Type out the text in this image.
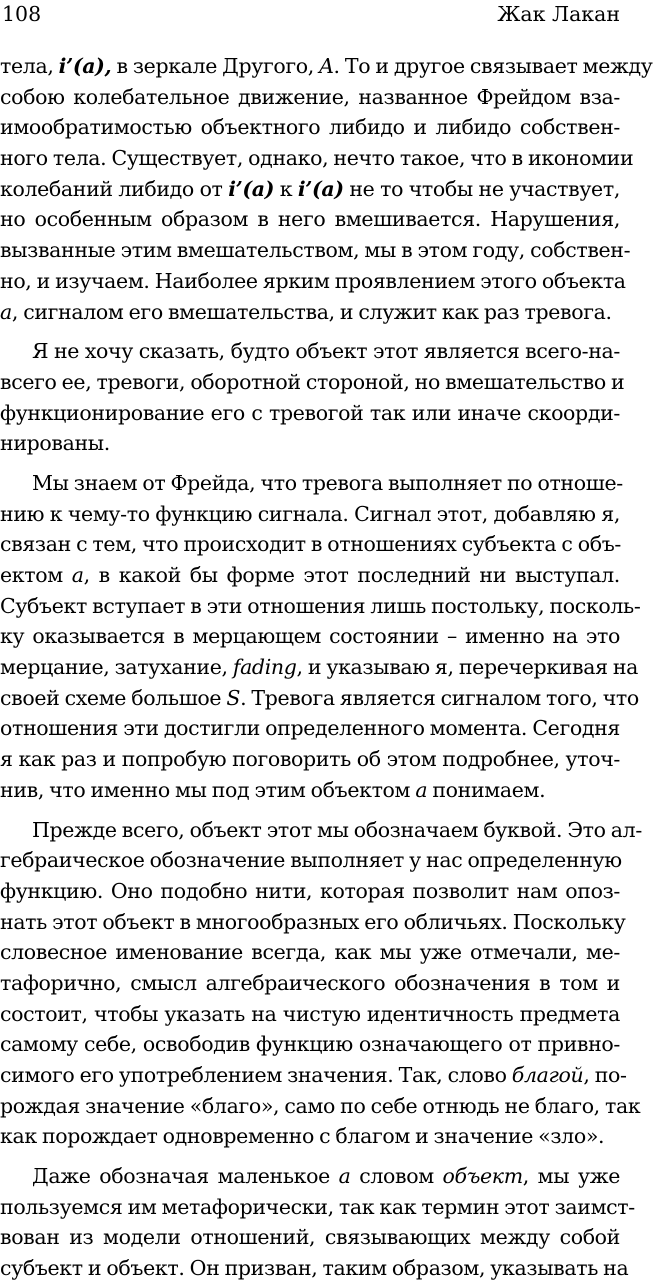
108	Жак Лакан
тела, i’(a), в зеркале Другого, A. То и другое связывает между
собою колебательное движение, названное Фрейдом вза-
имообратимостью объектного либидо и либидо собствен-
ного тела. Существует, однако, нечто такое, что в икономии
колебаний либидо от i’(a) к i’(a) не то чтобы не участвует,
но особенным образом в него вмешивается. Нарушения,
вызванные этим вмешательством, мы в этом году, собствен-
но, и изучаем. Наиболее ярким проявлением этого объекта
a, сигналом его вмешательства, и служит как раз тревога.
Я не хочу сказать, будто объект этот является всего-на-
всего ее, тревоги, оборотной стороной, но вмешательство и
функционирование его с тревогой так или иначе скоорди-
нированы.
Мы знаем от Фрейда, что тревога выполняет по отноше-
нию к чему-то функцию сигнала. Сигнал этот, добавляю я,
связан с тем, что происходит в отношениях субъекта с объ-
ектом a, в какой бы форме этот последний ни выступал.
Субъект вступает в эти отношения лишь постольку, посколь-
ку оказывается в мерцающем состоянии – именно на это
мерцание, затухание, fading, и указываю я, перечеркивая на
своей схеме большое S. Тревога является сигналом того, что
отношения эти достигли определенного момента. Сегодня
я как раз и попробую поговорить об этом подробнее, уточ-
нив, что именно мы под этим объектом a понимаем.
Прежде всего, объект этот мы обозначаем буквой. Это ал-
гебраическое обозначение выполняет у нас определенную
функцию. Оно подобно нити, которая позволит нам опоз-
нать этот объект в многообразных его обличьях. Поскольку
словесное именование всегда, как мы уже отмечали, ме-
тафорично, смысл алгебраического обозначения в том и
состоит, чтобы указать на чистую идентичность предмета
самому себе, освободив функцию означающего от привно-
симого его употреблением значения. Так, слово благой, по-
рождая значение «благо», само по себе отнюдь не благо, так
как порождает одновременно с благом и значение «зло».
Даже обозначая маленькое a словом объект, мы уже
пользуемся им метафорически, так как термин этот заимст-
вован из модели отношений, связывающих между собой
субъект и объект. Он призван, таким образом, указывать на
